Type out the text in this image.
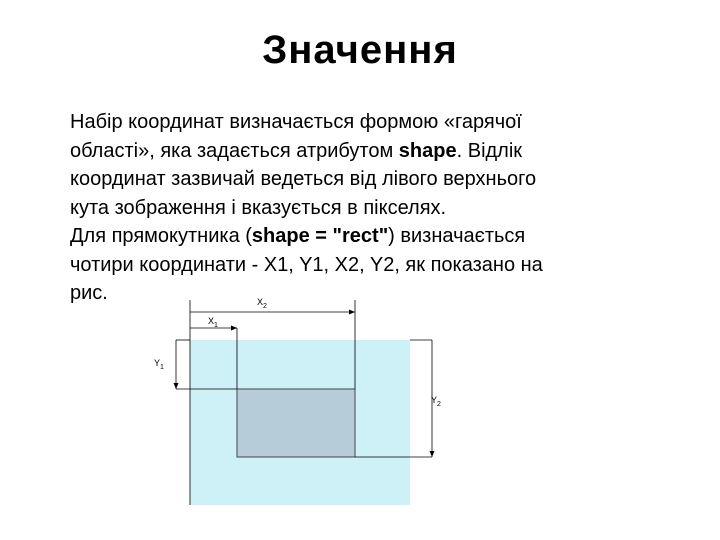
Значення

Набір координат визначається формою «гарячої
області», яка задається атрибутом shape. Відлік
координат зазвичай ведеться від лівого верхнього
кута зображення і вказується в пікселях.

Для прямокутника (shape = "rect") визначається
чотири координати - X1, Y1, X2, Y2, як показано на
рис.

$X_1$
$X_2$
$Y_1$
$Y_2$
